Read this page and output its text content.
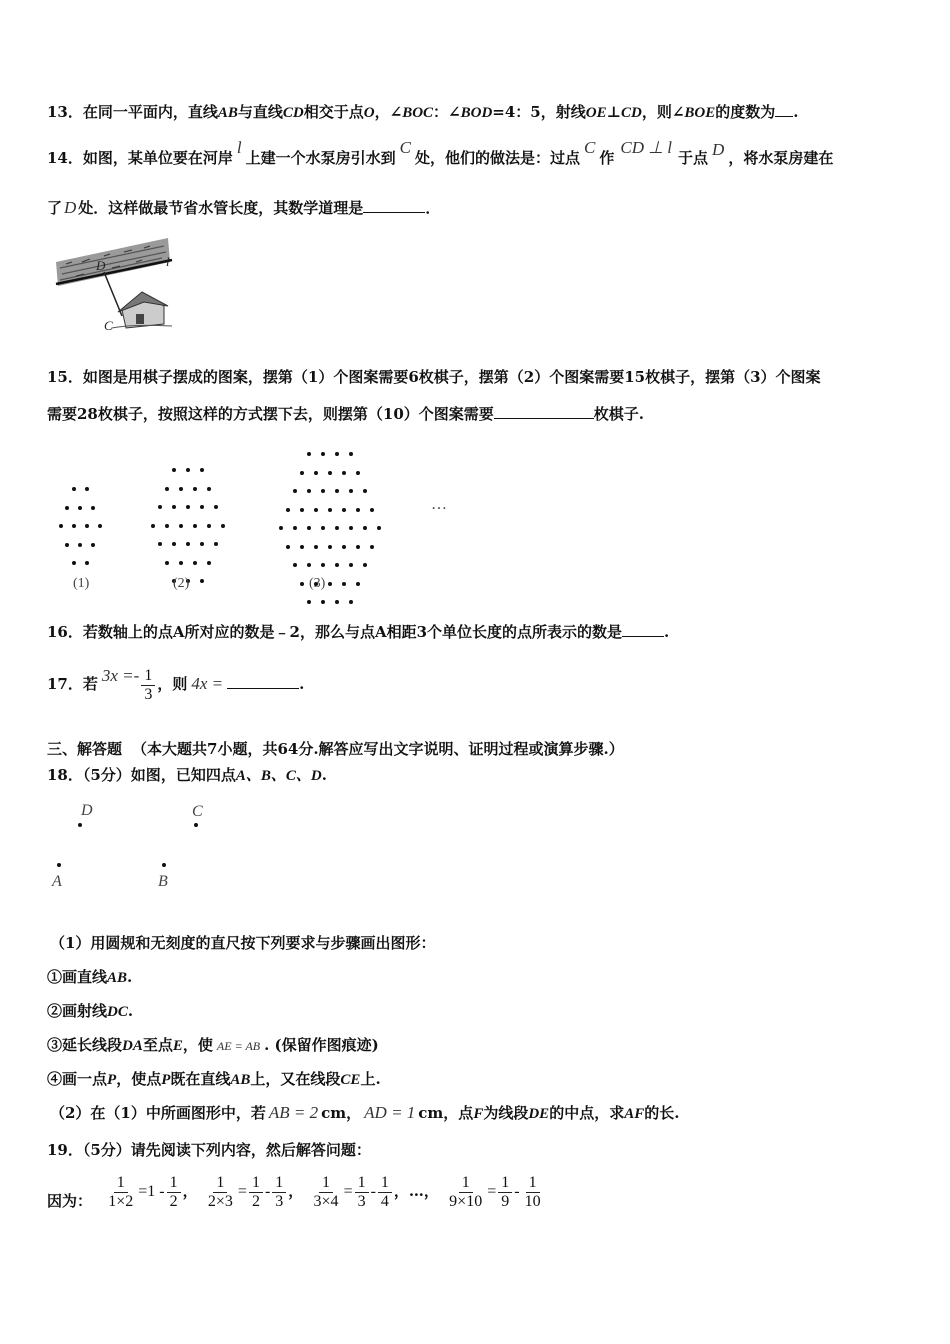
13．在同一平面内，直线AB与直线CD相交于点O，∠BOC：∠BOD=4：5，射线OE⊥CD，则∠BOE的度数为 .
14．如图，某单位要在河岸l上建一个水泵房引水到C处，他们的做法是：过点C作CD ⊥ l于点 D ，将水泵房建在
了 D 处．这样做最节省水管长度，其数学道理是	．
D	l
C
15．如图是用棋子摆成的图案，摆第（1）个图案需要6枚棋子，摆第（2）个图案需要15枚棋子，摆第（3）个图案
需要28枚棋子，按照这样的方式摆下去，则摆第（10）个图案需要	枚棋子.
(1)	(2)	(3)
…
16．若数轴上的点A所对应的数是﹣2，那么与点A相距3个单位长度的点所表示的数是	.
17．若 $3x =- \frac{1}{3}$ ，则 4x =	.
三、解答题 （本大题共7小题，共64分.解答应写出文字说明、证明过程或演算步骤.）
18．（5分）如图，已知四点A、B、C、D.
D	C
A	B
（1）用圆规和无刻度的直尺按下列要求与步骤画出图形：
①画直线AB.
②画射线DC.
③延长线段DA至点E，使 AE = AB . (保留作图痕迹)
④画一点P，使点P既在直线AB上，又在线段CE上.
（2）在（1）中所画图形中，若 AB = 2 cm， AD = 1 cm，点F为线段DE的中点，求AF的长.
19．（5分）请先阅读下列内容，然后解答问题：
因为： $\frac{1}{1\times 2} =1 - \frac{1}{2}$ ， $\frac{1}{2\times 3} = \frac{1}{2} - \frac{1}{3}$ ， $\frac{1}{3\times 4} = \frac{1}{3} - \frac{1}{4}$ ，…， $\frac{1}{9\times 10} = \frac{1}{9} - \frac{1}{10}$
